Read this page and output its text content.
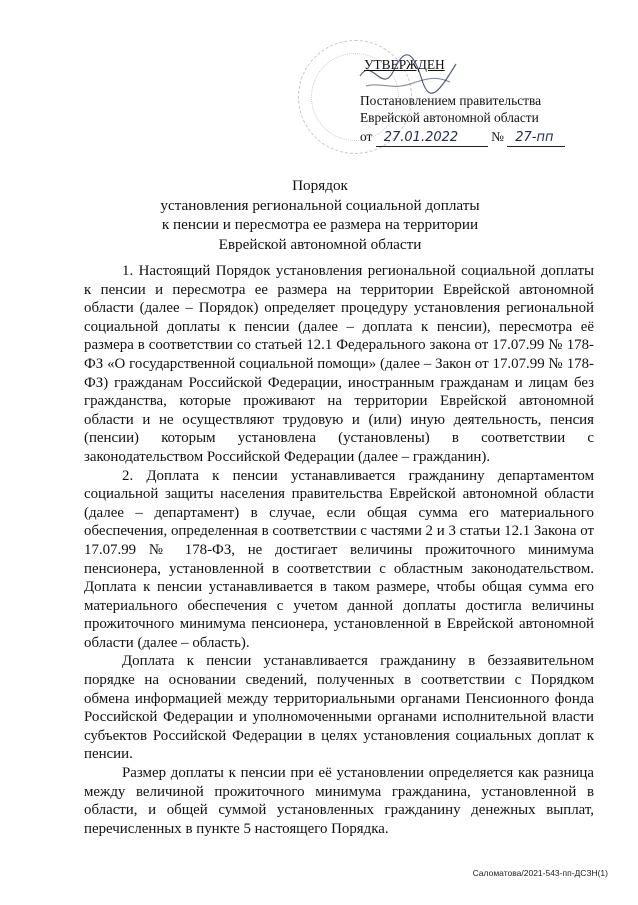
УТВЕРЖДЕН
Постановлением правительства
Еврейской автономной области
от 27.01.2022 № 27-пп
Порядок
установления региональной социальной доплаты
к пенсии и пересмотра ее размера на территории
Еврейской автономной области

1. Настоящий Порядок установления региональной социальной доплаты к пенсии и пересмотра ее размера на территории Еврейской автономной области (далее – Порядок) определяет процедуру установления региональной социальной доплаты к пенсии (далее – доплата к пенсии), пересмотра её размера в соответствии со статьей 12.1 Федерального закона от 17.07.99 № 178-ФЗ «О государственной социальной помощи» (далее – Закон от 17.07.99 № 178-ФЗ) гражданам Российской Федерации, иностранным гражданам и лицам без гражданства, которые проживают на территории Еврейской автономной области и не осуществляют трудовую и (или) иную деятельность, пенсия (пенсии) которым установлена (установлены) в соответствии с законодательством Российской Федерации (далее – гражданин).

2. Доплата к пенсии устанавливается гражданину департаментом социальной защиты населения правительства Еврейской автономной области (далее – департамент) в случае, если общая сумма его материального обеспечения, определенная в соответствии с частями 2 и 3 статьи 12.1 Закона от 17.07.99 № 178-ФЗ, не достигает величины прожиточного минимума пенсионера, установленной в соответствии с областным законодательством. Доплата к пенсии устанавливается в таком размере, чтобы общая сумма его материального обеспечения с учетом данной доплаты достигла величины прожиточного минимума пенсионера, установленной в Еврейской автономной области (далее – область).

Доплата к пенсии устанавливается гражданину в беззаявительном порядке на основании сведений, полученных в соответствии с Порядком обмена информацией между территориальными органами Пенсионного фонда Российской Федерации и уполномоченными органами исполнительной власти субъектов Российской Федерации в целях установления социальных доплат к пенсии.

Размер доплаты к пенсии при её установлении определяется как разница между величиной прожиточного минимума гражданина, установленной в области, и общей суммой установленных гражданину денежных выплат, перечисленных в пункте 5 настоящего Порядка.

Саломатова/2021-543-пп-ДСЗН(1)
